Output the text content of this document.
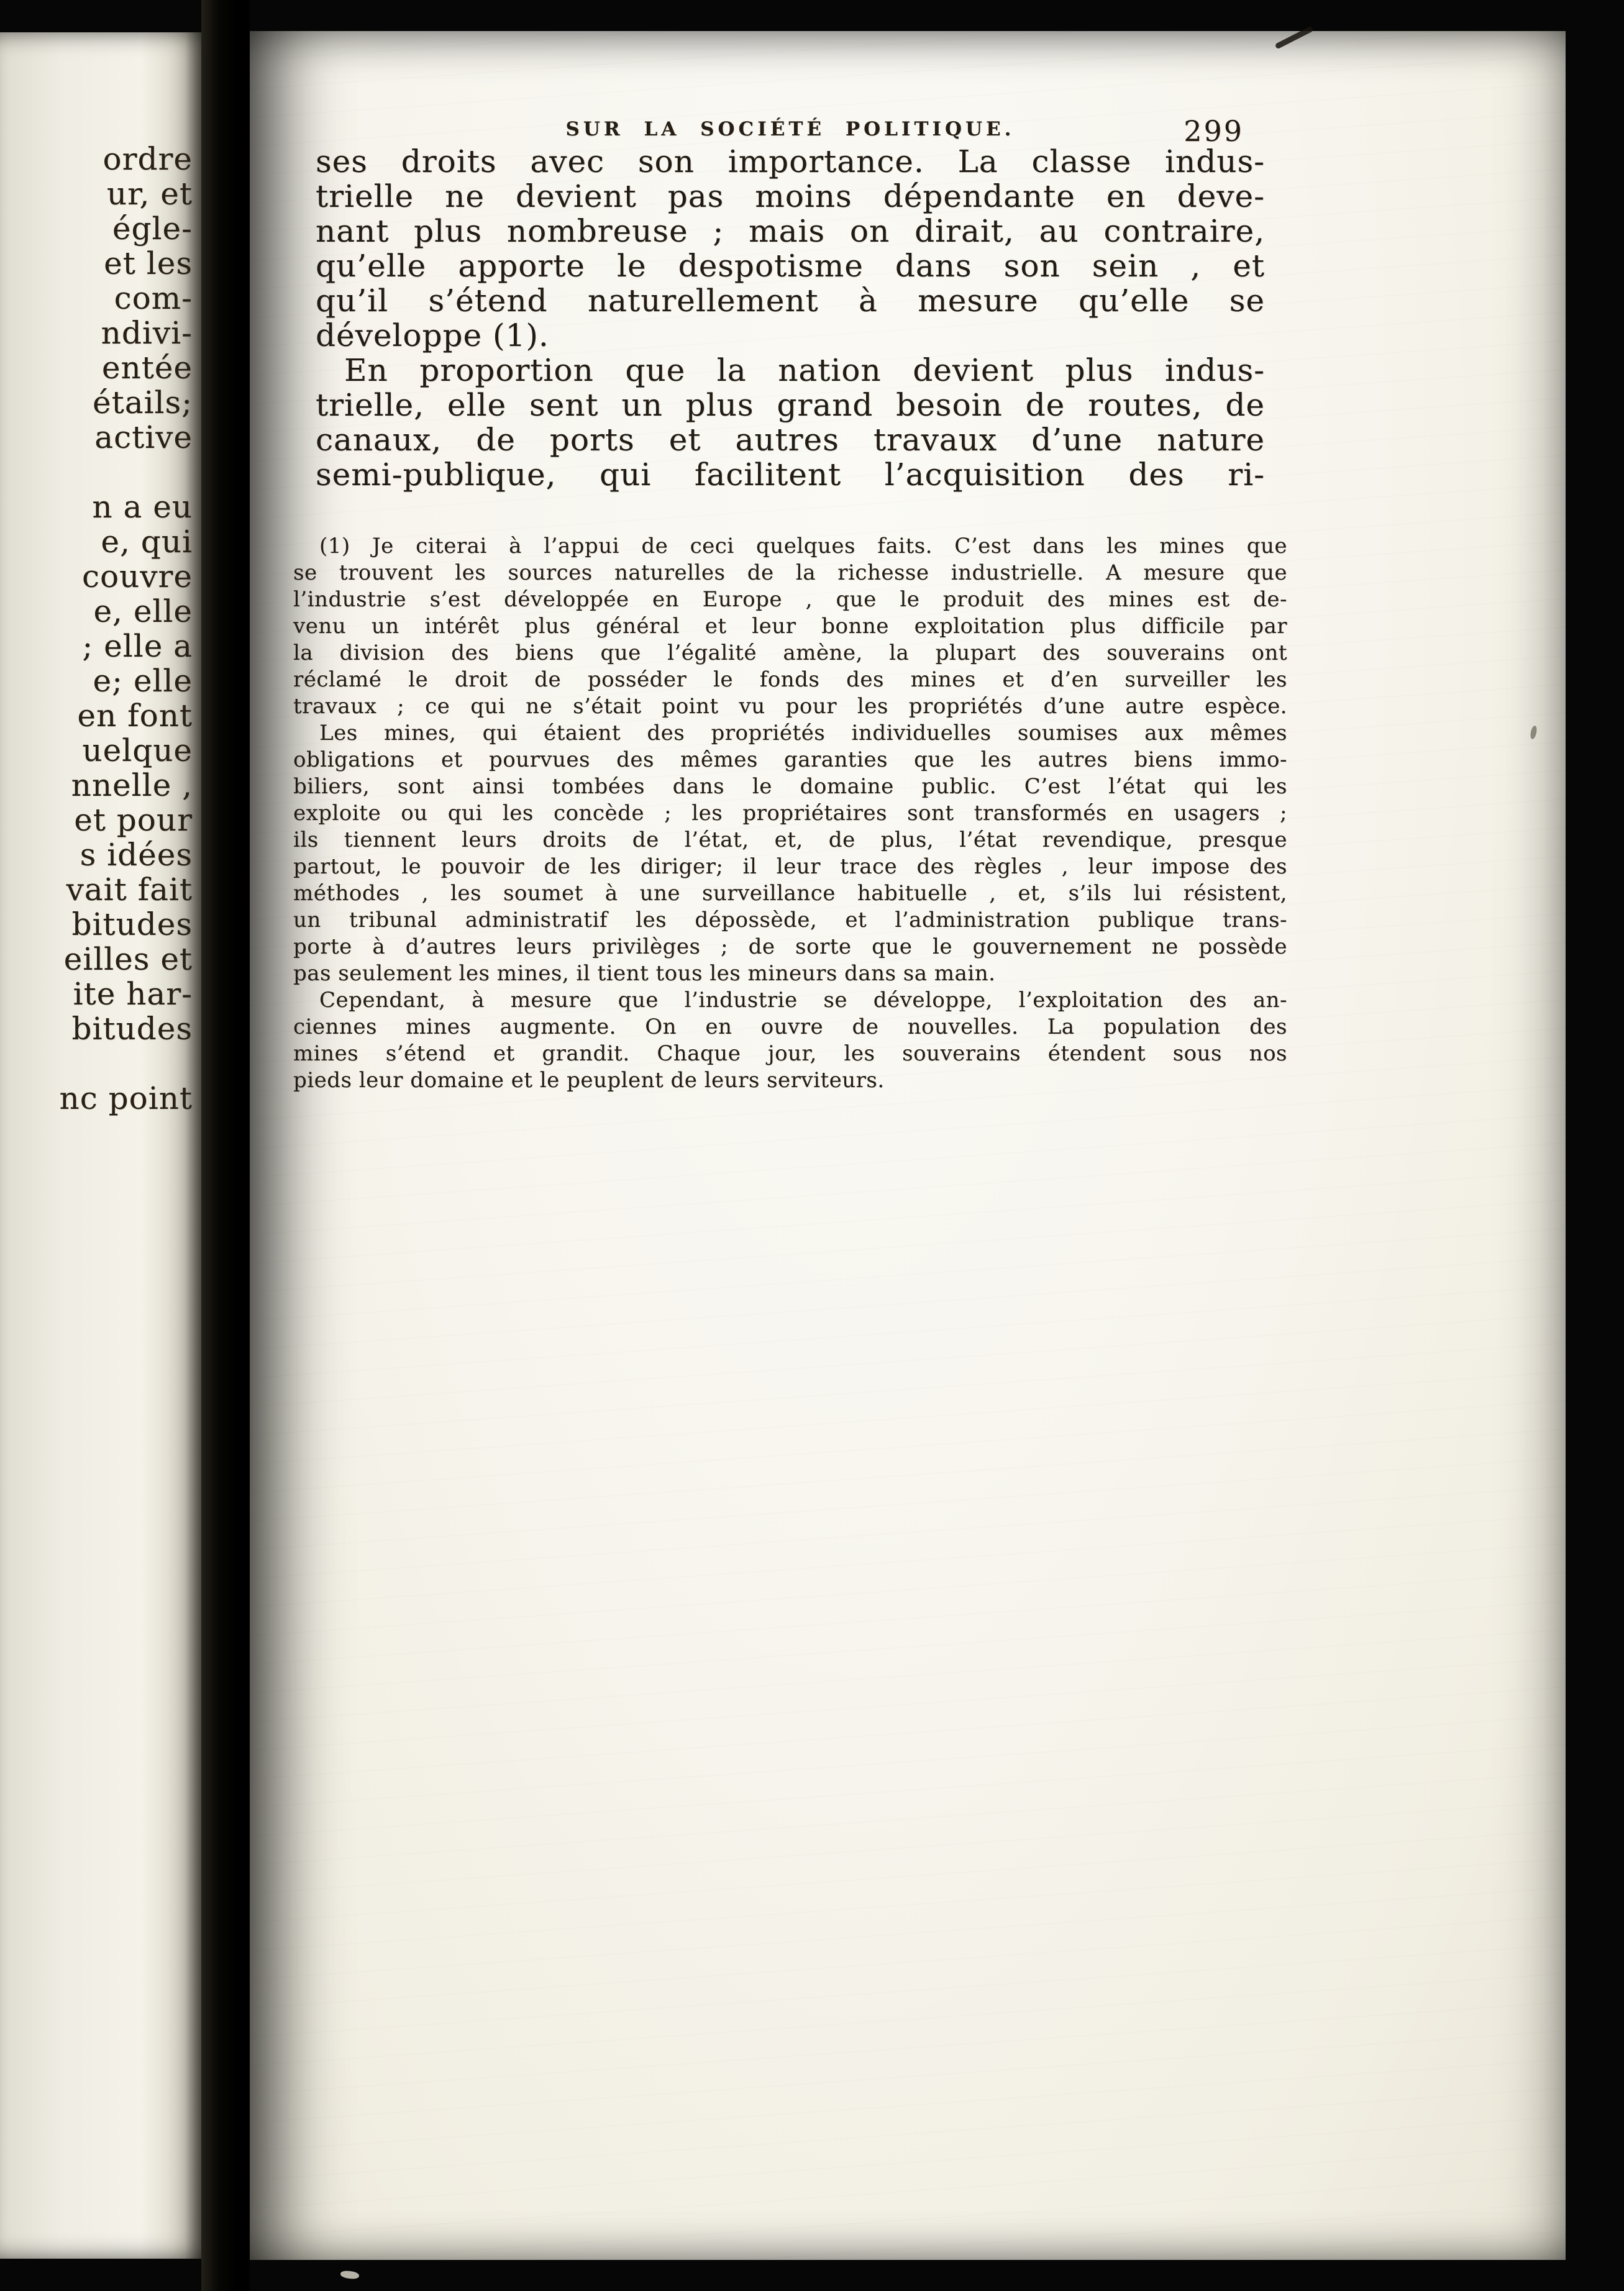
ordre
ur, et
égle-
et les
com-
ndivi-
entée
étails;
active

n a eu
e, qui
couvre
e, elle
; elle a
e; elle
en font
uelque
nnelle ,
et pour
s idées
vait fait
bitudes
eilles et
ite har-
bitudes

nc point
SUR LA SOCIÉTÉ POLITIQUE.	299
ses droits avec son importance. La classe indus-
trielle ne devient pas moins dépendante en deve-
nant plus nombreuse ; mais on dirait, au contraire,
qu’elle apporte le despotisme dans son sein , et
qu’il s’étend naturellement à mesure qu’elle se
développe (1).
En proportion que la nation devient plus indus-
trielle, elle sent un plus grand besoin de routes, de
canaux, de ports et autres travaux d’une nature
semi-publique, qui facilitent l’acquisition des ri-
(1) Je citerai à l’appui de ceci quelques faits. C’est dans les mines que
se trouvent les sources naturelles de la richesse industrielle. A mesure que
l’industrie s’est développée en Europe , que le produit des mines est de-
venu un intérêt plus général et leur bonne exploitation plus difficile par
la division des biens que l’égalité amène, la plupart des souverains ont
réclamé le droit de posséder le fonds des mines et d’en surveiller les
travaux ; ce qui ne s’était point vu pour les propriétés d’une autre espèce.
Les mines, qui étaient des propriétés individuelles soumises aux mêmes
obligations et pourvues des mêmes garanties que les autres biens immo-
biliers, sont ainsi tombées dans le domaine public. C’est l’état qui les
exploite ou qui les concède ; les propriétaires sont transformés en usagers ;
ils tiennent leurs droits de l’état, et, de plus, l’état revendique, presque
partout, le pouvoir de les diriger; il leur trace des règles , leur impose des
méthodes , les soumet à une surveillance habituelle , et, s’ils lui résistent,
un tribunal administratif les dépossède, et l’administration publique trans-
porte à d’autres leurs privilèges ; de sorte que le gouvernement ne possède
pas seulement les mines, il tient tous les mineurs dans sa main.
Cependant, à mesure que l’industrie se développe, l’exploitation des an-
ciennes mines augmente. On en ouvre de nouvelles. La population des
mines s’étend et grandit. Chaque jour, les souverains étendent sous nos
pieds leur domaine et le peuplent de leurs serviteurs.
